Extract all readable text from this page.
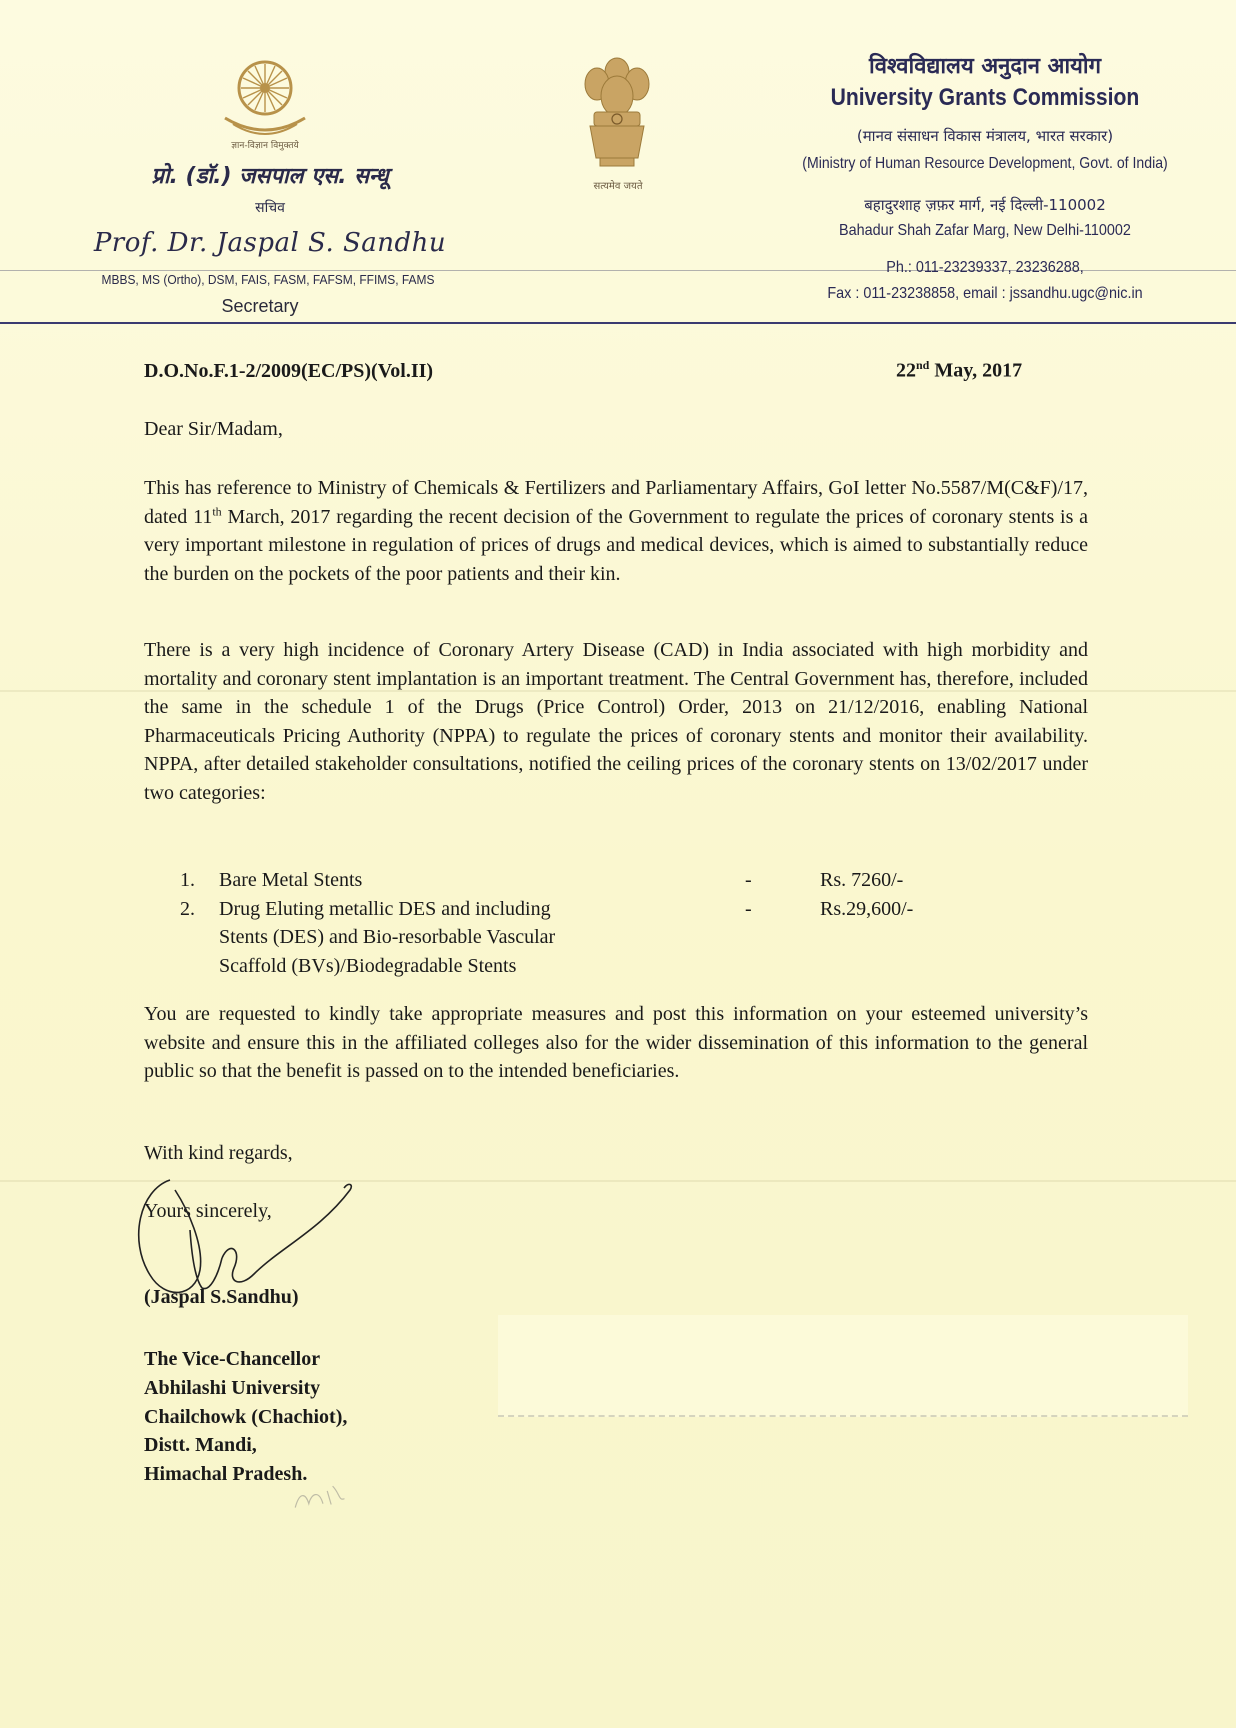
ज्ञान-विज्ञान विमुक्तये
प्रो. (डॉ.) जसपाल एस. सन्धू
सचिव
Prof. Dr. Jaspal S. Sandhu
MBBS, MS (Ortho), DSM, FAIS, FASM, FAFSM, FFIMS, FAMS
Secretary
सत्यमेव जयते
विश्वविद्यालय अनुदान आयोग
University Grants Commission
(मानव संसाधन विकास मंत्रालय, भारत सरकार)
(Ministry of Human Resource Development, Govt. of India)
बहादुरशाह ज़फ़र मार्ग, नई दिल्ली-110002
Bahadur Shah Zafar Marg, New Delhi-110002
Ph.: 011-23239337, 23236288,
Fax : 011-23238858, email : jssandhu.ugc@nic.in
D.O.No.F.1-2/2009(EC/PS)(Vol.II)	22nd May, 2017
Dear Sir/Madam,
This has reference to Ministry of Chemicals & Fertilizers and Parliamentary Affairs, GoI letter No.5587/M(C&F)/17, dated 11th March, 2017 regarding the recent decision of the Government to regulate the prices of coronary stents is a very important milestone in regulation of prices of drugs and medical devices, which is aimed to substantially reduce the burden on the pockets of the poor patients and their kin.
There is a very high incidence of Coronary Artery Disease (CAD) in India associated with high morbidity and mortality and coronary stent implantation is an important treatment. The Central Government has, therefore, included the same in the schedule 1 of the Drugs (Price Control) Order, 2013 on 21/12/2016, enabling National Pharmaceuticals Pricing Authority (NPPA) to regulate the prices of coronary stents and monitor their availability. NPPA, after detailed stakeholder consultations, notified the ceiling prices of the coronary stents on 13/02/2017 under two categories:
1. Bare Metal Stents	-	Rs. 7260/-
2. Drug Eluting metallic DES and including	-	Rs.29,600/-
Stents (DES) and Bio-resorbable Vascular
Scaffold (BVs)/Biodegradable Stents
You are requested to kindly take appropriate measures and post this information on your esteemed university’s website and ensure this in the affiliated colleges also for the wider dissemination of this information to the general public so that the benefit is passed on to the intended beneficiaries.
With kind regards,
Yours sincerely,
(Jaspal S.Sandhu)
The Vice-Chancellor
Abhilashi University
Chailchowk (Chachiot),
Distt. Mandi,
Himachal Pradesh.
